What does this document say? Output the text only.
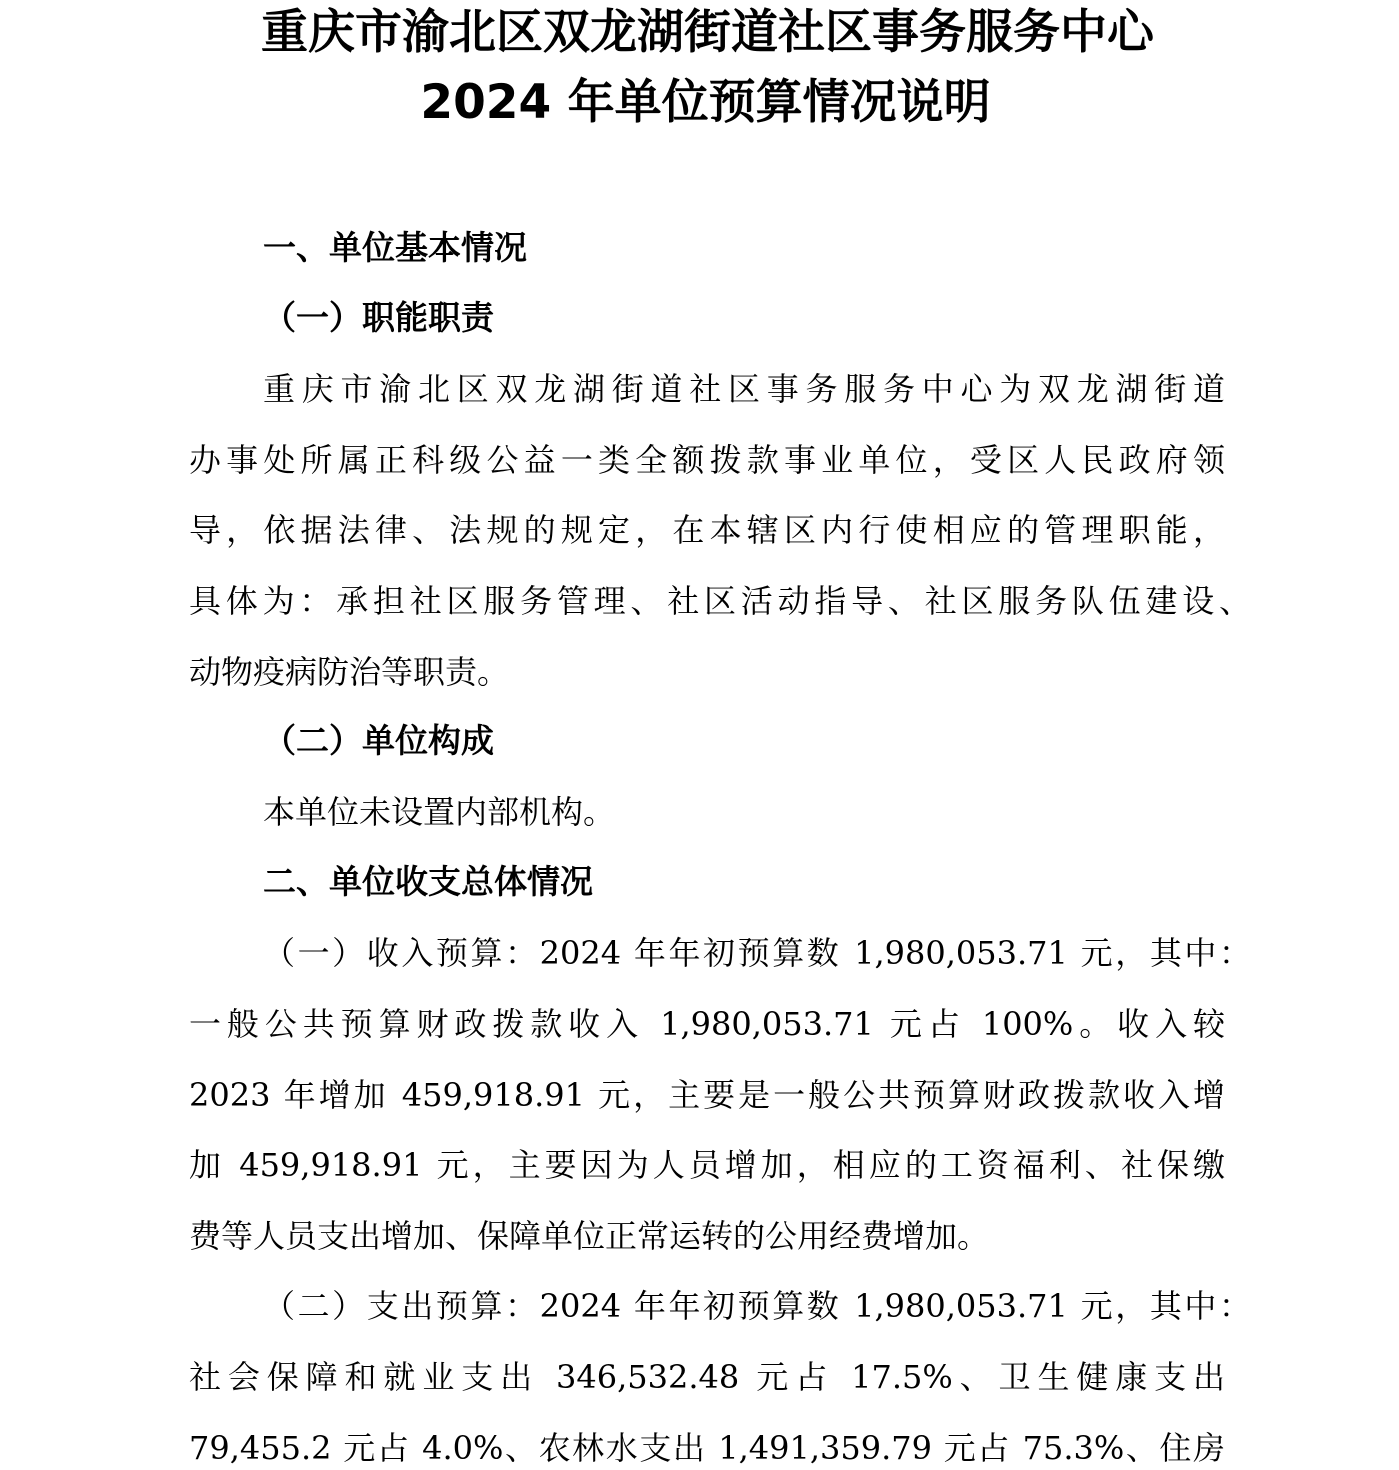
重庆市渝北区双龙湖街道社区事务服务中心
2024 年单位预算情况说明
一、单位基本情况
（一）职能职责

重庆市渝北区双龙湖街道社区事务服务中心为双龙湖街道

办事处所属正科级公益一类全额拨款事业单位，受区人民政府领

导，依据法律、法规的规定，在本辖区内行使相应的管理职能，

具体为：承担社区服务管理、社区活动指导、社区服务队伍建设、

动物疫病防治等职责。

（二）单位构成

本单位未设置内部机构。

二、单位收支总体情况

（一）收入预算：2024 年年初预算数 1,980,053.71 元，其中：

一般公共预算财政拨款收入 1,980,053.71 元占 100%。收入较

2023 年增加 459,918.91 元，主要是一般公共预算财政拨款收入增

加 459,918.91 元，主要因为人员增加，相应的工资福利、社保缴

费等人员支出增加、保障单位正常运转的公用经费增加。

（二）支出预算：2024 年年初预算数 1,980,053.71 元，其中：

社会保障和就业支出 346,532.48 元占 17.5%、卫生健康支出

79,455.2 元占 4.0%、农林水支出 1,491,359.79 元占 75.3%、住房
